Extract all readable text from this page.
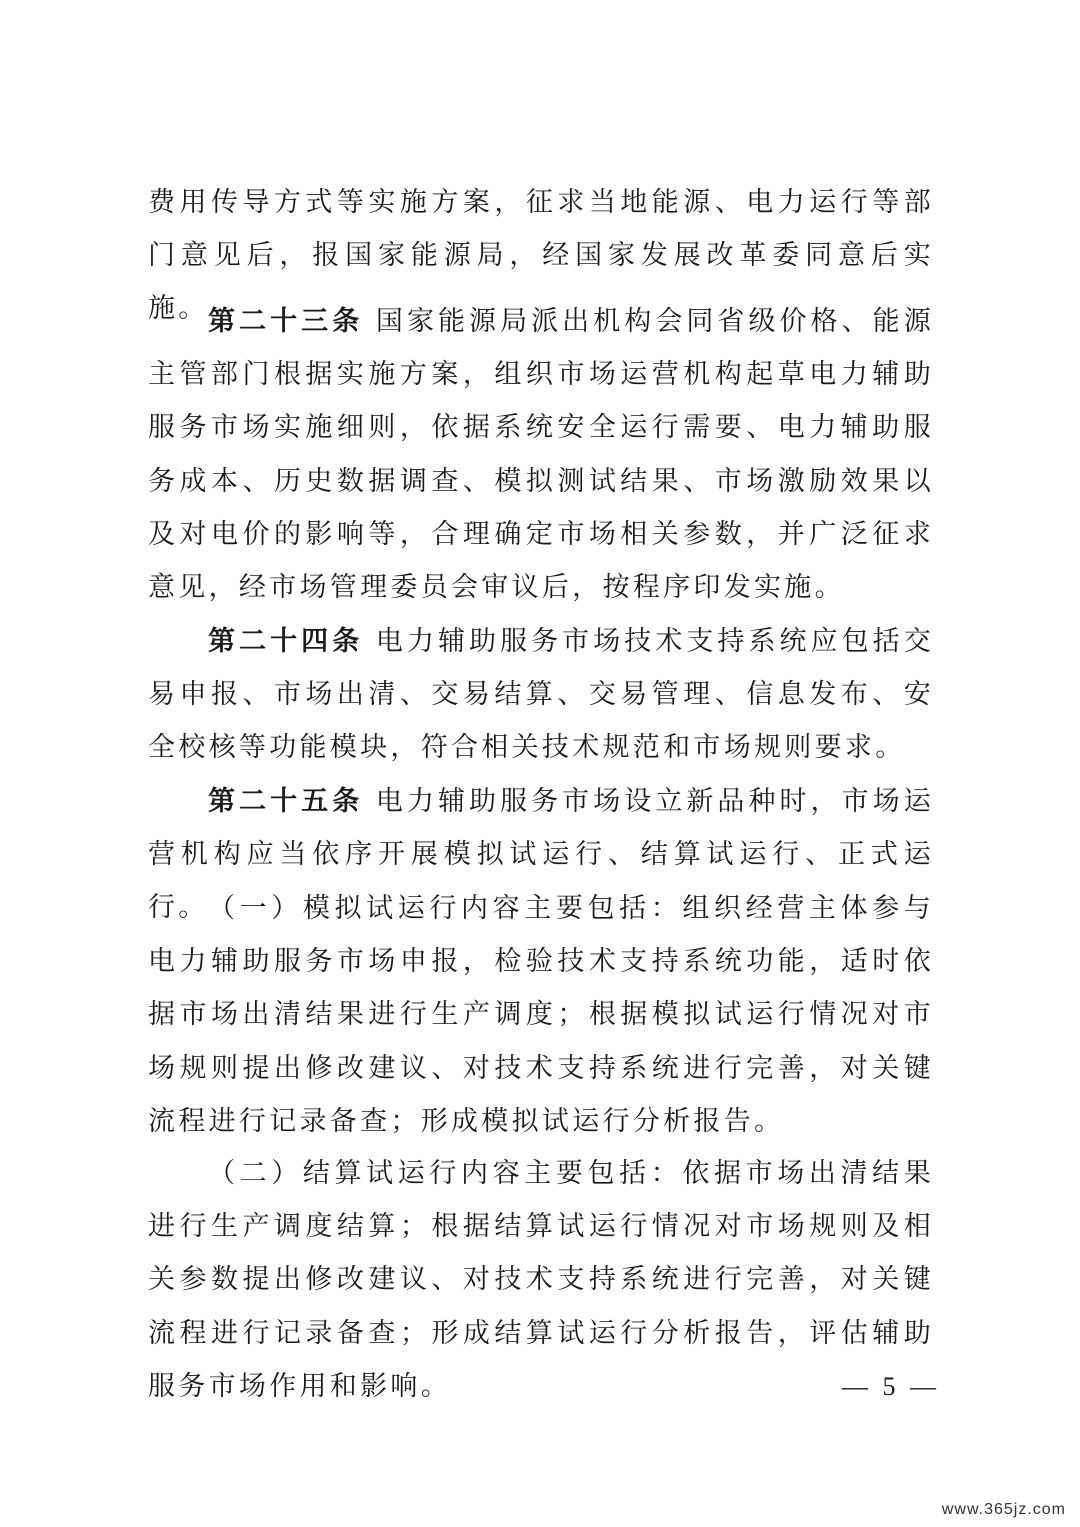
费用传导方式等实施方案，征求当地能源、电力运行等部门意见后，报国家能源局，经国家发展改革委同意后实施。 第二十三条 国家能源局派出机构会同省级价格、能源主管部门根据实施方案，组织市场运营机构起草电力辅助服务市场实施细则，依据系统安全运行需要、电力辅助服务成本、历史数据调查、模拟测试结果、市场激励效果以及对电价的影响等，合理确定市场相关参数，并广泛征求意见，经市场管理委员会审议后，按程序印发实施。

第二十四条 电力辅助服务市场技术支持系统应包括交易申报、市场出清、交易结算、交易管理、信息发布、安全校核等功能模块，符合相关技术规范和市场规则要求。

第二十五条 电力辅助服务市场设立新品种时，市场运营机构应当依序开展模拟试运行、结算试运行、正式运行。 （一）模拟试运行内容主要包括：组织经营主体参与电力辅助服务市场申报，检验技术支持系统功能，适时依据市场出清结果进行生产调度；根据模拟试运行情况对市场规则提出修改建议、对技术支持系统进行完善，对关键流程进行记录备查；形成模拟试运行分析报告。

（二）结算试运行内容主要包括：依据市场出清结果进行生产调度结算；根据结算试运行情况对市场规则及相关参数提出修改建议、对技术支持系统进行完善，对关键流程进行记录备查；形成结算试运行分析报告，评估辅助服务市场作用和影响。	— 5 —
www.365jz.com
